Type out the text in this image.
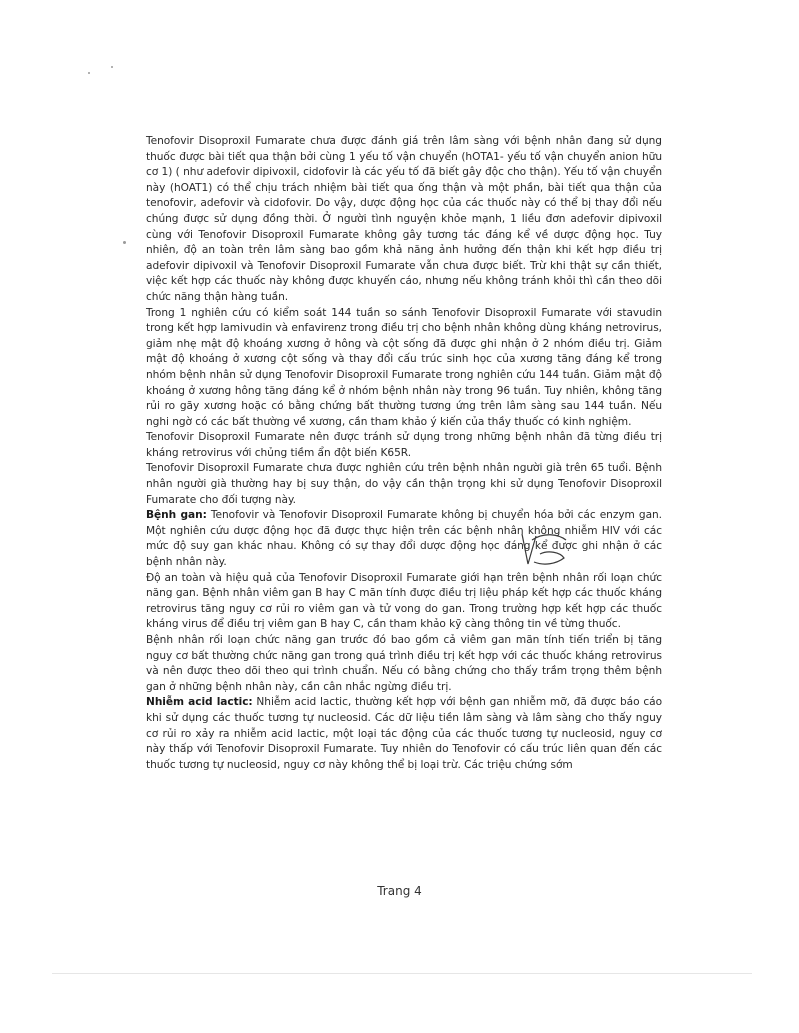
Tenofovir Disoproxil Fumarate chưa được đánh giá trên lâm sàng với bệnh nhân đang sử dụng thuốc được bài tiết qua thận bởi cùng 1 yếu tố vận chuyển (hOTA1- yếu tố vận chuyển anion hữu cơ 1) ( như adefovir dipivoxil, cidofovir là các yếu tố đã biết gây độc cho thận). Yếu tố vận chuyển này (hOAT1) có thể chịu trách nhiệm bài tiết qua ống thận và một phần, bài tiết qua thận của tenofovir, adefovir và cidofovir. Do vậy, dược động học của các thuốc này có thể bị thay đổi nếu chúng được sử dụng đồng thời. Ở người tình nguyện khỏe mạnh, 1 liều đơn adefovir dipivoxil cùng với Tenofovir Disoproxil Fumarate không gây tương tác đáng kể về dược động học. Tuy nhiên, độ an toàn trên lâm sàng bao gồm khả năng ảnh hưởng đến thận khi kết hợp điều trị adefovir dipivoxil và Tenofovir Disoproxil Fumarate vẫn chưa được biết. Trừ khi thật sự cần thiết, việc kết hợp các thuốc này không được khuyến cáo, nhưng nếu không tránh khỏi thì cần theo dõi chức năng thận hàng tuần.

Trong 1 nghiên cứu có kiểm soát 144 tuần so sánh Tenofovir Disoproxil Fumarate với stavudin trong kết hợp lamivudin và enfavirenz trong điều trị cho bệnh nhân không dùng kháng netrovirus, giảm nhẹ mật độ khoáng xương ở hông và cột sống đã được ghi nhận ở 2 nhóm điều trị. Giảm mật độ khoáng ở xương cột sống và thay đổi cấu trúc sinh học của xương tăng đáng kể trong nhóm bệnh nhân sử dụng Tenofovir Disoproxil Fumarate trong nghiên cứu 144 tuần. Giảm mật độ khoáng ở xương hông tăng đáng kể ở nhóm bệnh nhân này trong 96 tuần. Tuy nhiên, không tăng rủi ro gãy xương hoặc có bằng chứng bất thường tương ứng trên lâm sàng sau 144 tuần. Nếu nghi ngờ có các bất thường về xương, cần tham khảo ý kiến của thầy thuốc có kinh nghiệm.

Tenofovir Disoproxil Fumarate nên được tránh sử dụng trong những bệnh nhân đã từng điều trị kháng retrovirus với chủng tiềm ẩn đột biến K65R.

Tenofovir Disoproxil Fumarate chưa được nghiên cứu trên bệnh nhân người già trên 65 tuổi. Bệnh nhân người già thường hay bị suy thận, do vậy cần thận trọng khi sử dụng Tenofovir Disoproxil Fumarate cho đối tượng này.

Bệnh gan: Tenofovir và Tenofovir Disoproxil Fumarate không bị chuyển hóa bởi các enzym gan. Một nghiên cứu dược động học đã được thực hiện trên các bệnh nhân không nhiễm HIV với các mức độ suy gan khác nhau. Không có sự thay đổi dược động học đáng kể được ghi nhận ở các bệnh nhân này.

Độ an toàn và hiệu quả của Tenofovir Disoproxil Fumarate giới hạn trên bệnh nhân rối loạn chức năng gan. Bệnh nhân viêm gan B hay C mãn tính được điều trị liệu pháp kết hợp các thuốc kháng retrovirus tăng nguy cơ rủi ro viêm gan và tử vong do gan. Trong trường hợp kết hợp các thuốc kháng virus để điều trị viêm gan B hay C, cần tham khảo kỹ càng thông tin về từng thuốc.

Bệnh nhân rối loạn chức năng gan trước đó bao gồm cả viêm gan mãn tính tiến triển bị tăng nguy cơ bất thường chức năng gan trong quá trình điều trị kết hợp với các thuốc kháng retrovirus và nên được theo dõi theo qui trình chuẩn. Nếu có bằng chứng cho thấy trầm trọng thêm bệnh gan ở những bệnh nhân này, cần cân nhắc ngừng điều trị.

Nhiễm acid lactic: Nhiễm acid lactic, thường kết hợp với bệnh gan nhiễm mỡ, đã được báo cáo khi sử dụng các thuốc tương tự nucleosid. Các dữ liệu tiền lâm sàng và lâm sàng cho thấy nguy cơ rủi ro xảy ra nhiễm acid lactic, một loại tác động của các thuốc tương tự nucleosid, nguy cơ này thấp với Tenofovir Disoproxil Fumarate. Tuy nhiên do Tenofovir có cấu trúc liên quan đến các thuốc tương tự nucleosid, nguy cơ này không thể bị loại trừ. Các triệu chứng sớm

Trang 4
